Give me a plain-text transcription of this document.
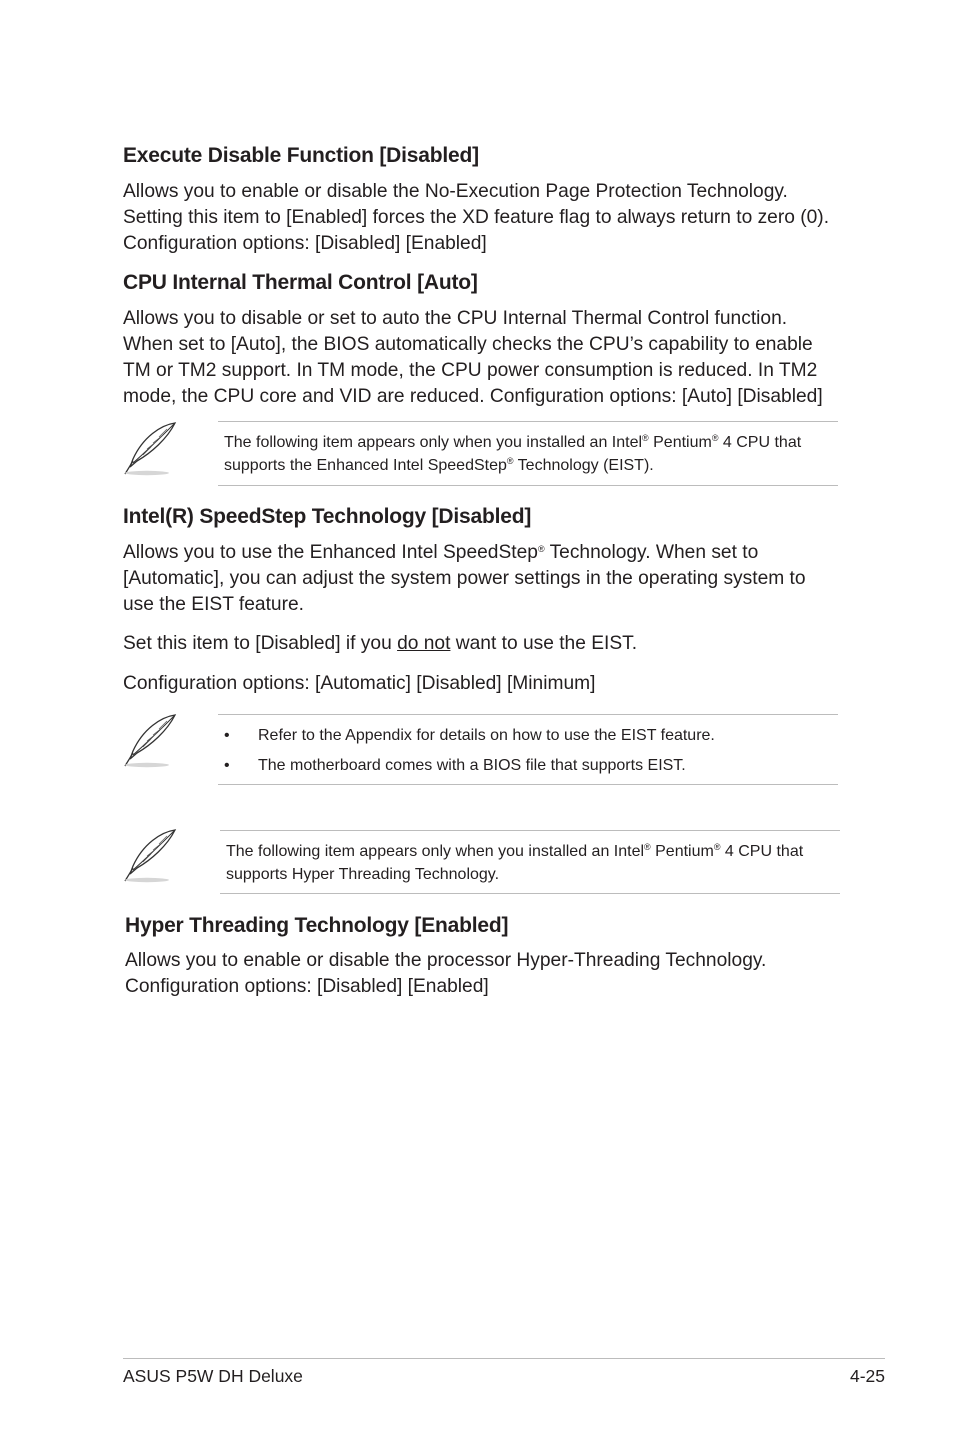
Execute Disable Function [Disabled]

Allows you to enable or disable the No-Execution Page Protection Technology. Setting this item to [Enabled] forces the XD feature flag to always return to zero (0). Configuration options: [Disabled] [Enabled]

CPU Internal Thermal Control [Auto]

Allows you to disable or set to auto the CPU Internal Thermal Control function. When set to [Auto], the BIOS automatically checks the CPU’s capability to enable TM or TM2 support. In TM mode, the CPU power consumption is reduced. In TM2 mode, the CPU core and VID are reduced. Configuration options: [Auto] [Disabled]

The following item appears only when you installed an Intel® Pentium® 4 CPU that supports the Enhanced Intel SpeedStep® Technology (EIST).
Intel(R) SpeedStep Technology [Disabled]

Allows you to use the Enhanced Intel SpeedStep® Technology. When set to [Automatic], you can adjust the system power settings in the operating system to use the EIST feature.

Set this item to [Disabled] if you do not want to use the EIST.

Configuration options: [Automatic] [Disabled] [Minimum]

• Refer to the Appendix for details on how to use the EIST feature.
• The motherboard comes with a BIOS file that supports EIST.
The following item appears only when you installed an Intel® Pentium® 4 CPU that supports Hyper Threading Technology.
Hyper Threading Technology [Enabled]

Allows you to enable or disable the processor Hyper-Threading Technology. Configuration options: [Disabled] [Enabled]

ASUS P5W DH Deluxe	4-25
